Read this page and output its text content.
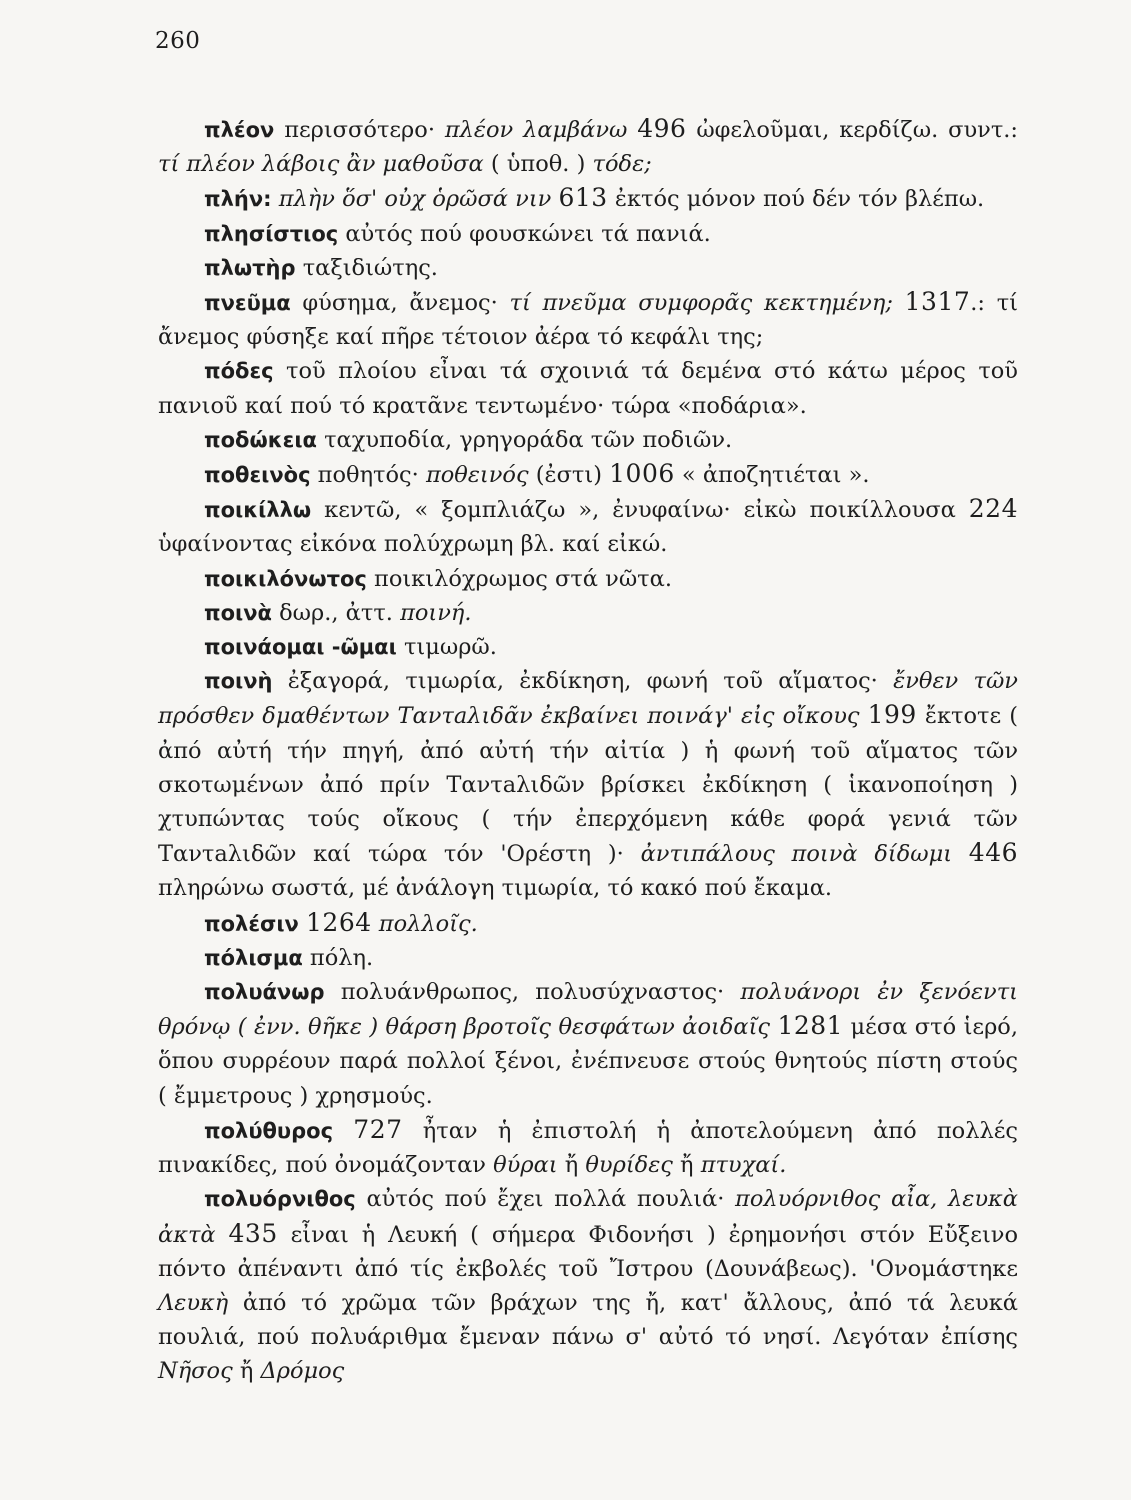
260

πλέον περισσότερο· πλέον λαμβάνω 496 ὠφελοῦμαι, κερδίζω. συντ.: τί πλέον λάβοις ἂν μαθοῦσα ( ὑποθ. ) τόδε;

πλήν: πλὴν ὅσ' οὐχ ὁρῶσά νιν 613 ἐκτός μόνον πού δέν τόν βλέπω.

πλησίστιος αὐτός πού φουσκώνει τά πανιά.

πλωτὴρ ταξιδιώτης.

πνεῦμα φύσημα, ἄνεμος· τί πνεῦμα συμφορᾶς κεκτημένη; 1317.: τί ἄνεμος φύσηξε καί πῆρε τέτοιον ἀέρα τό κεφάλι της;

πόδες τοῦ πλοίου εἶναι τά σχοινιά τά δεμένα στό κάτω μέρος τοῦ πανιοῦ καί πού τό κρατᾶνε τεντωμένο· τώρα «ποδάρια».

ποδώκεια ταχυποδία, γρηγοράδα τῶν ποδιῶν.

ποθεινὸς ποθητός· ποθεινός (ἐστι) 1006 « ἀποζητιέται ».

ποικίλλω κεντῶ, « ξομπλιάζω », ἐνυφαίνω· εἰκὼ ποικίλλουσα 224 ὑφαίνοντας εἰκόνα πολύχρωμη βλ. καί εἰκώ.

ποικιλόνωτος ποικιλόχρωμος στά νῶτα.

ποινὰ δωρ., ἀττ. ποινή.

ποινάομαι -ῶμαι τιμωρῶ.

ποινὴ ἐξαγορά, τιμωρία, ἐκδίκηση, φωνή τοῦ αἵματος· ἔνθεν τῶν πρόσθεν δμαθέντων Ταντaλιδᾶν ἐκβαίνει ποινάγ' εἰς οἴκους 199 ἔκτοτε ( ἀπό αὐτή τήν πηγή, ἀπό αὐτή τήν αἰτία ) ἡ φωνή τοῦ αἵματος τῶν σκοτωμένων ἀπό πρίν Ταντaλιδῶν βρίσκει ἐκδίκηση ( ἱκανοποίηση ) χτυπώντας τούς οἴκους ( τήν ἐπερχόμενη κάθε φορά γενιά τῶν Ταντaλιδῶν καί τώρα τόν 'Ορέστη )· ἀντιπάλους ποινὰ δίδωμι 446 πληρώνω σωστά, μέ ἀνάλογη τιμωρία, τό κακό πού ἔκαμα.

πολέσιν 1264 πολλοῖς.

πόλισμα πόλη.

πολυάνωρ πολυάνθρωπος, πολυσύχναστος· πολυάνορι ἐν ξενόεντι θρόνῳ ( ἐνν. θῆκε ) θάρση βροτοῖς θεσφάτων ἀοιδαῖς 1281 μέσα στό ἱερό, ὅπου συρρέουν παρά πολλοί ξένοι, ἐνέπνευσε στούς θνητούς πίστη στούς ( ἔμμετρους ) χρησμούς.

πολύθυρος 727 ἦταν ἡ ἐπιστολή ἡ ἀποτελούμενη ἀπό πολλές πινακίδες, πού ὀνομάζονταν θύραι ἤ θυρίδες ἤ πτυχαί.

πολυόρνιθος αὐτός πού ἔχει πολλά πουλιά· πολυόρνιθος αἶα, λευκὰ ἀκτὰ 435 εἶναι ἡ Λευκή ( σήμερα Φιδονήσι ) ἐρημονήσι στόν Εὔξεινο πόντο ἀπέναντι ἀπό τίς ἐκβολές τοῦ Ἴστρου (Δουνάβεως). 'Ονομάστηκε Λευκὴ ἀπό τό χρῶμα τῶν βράχων της ἤ, κατ' ἄλλους, ἀπό τά λευκά πουλιά, πού πολυάριθμα ἔμεναν πάνω σ' αὐτό τό νησί. Λεγόταν ἐπίσης Νῆσος ἤ Δρόμος
